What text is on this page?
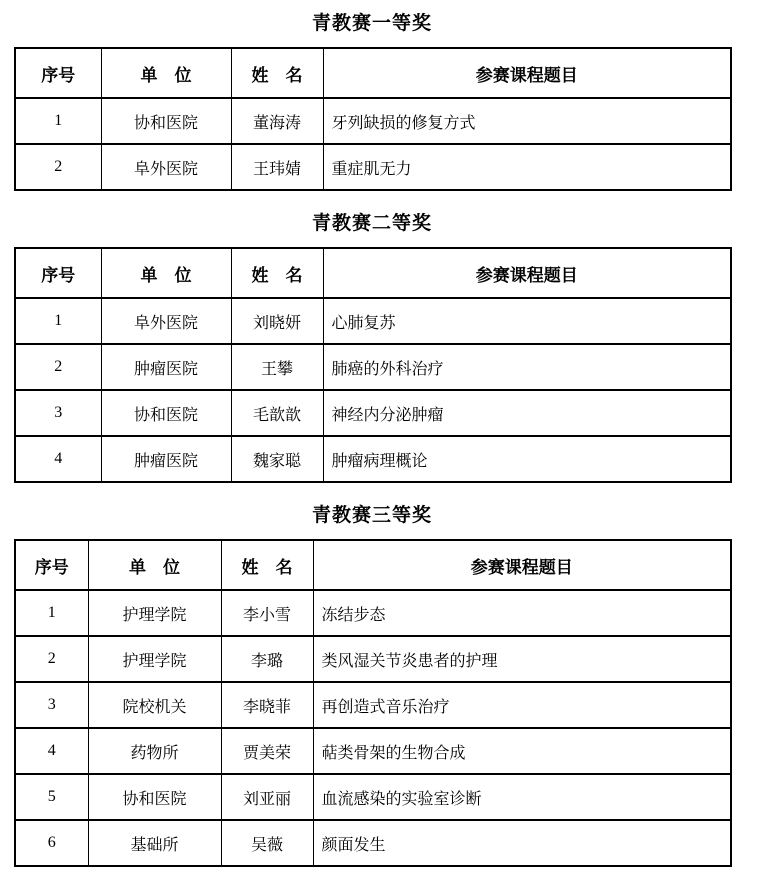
青教赛一等奖
序号	单　位	姓　名	参赛课程题目
1	协和医院	董海涛	牙列缺损的修复方式
2	阜外医院	王玮婧	重症肌无力
青教赛二等奖
序号	单　位	姓　名	参赛课程题目
1	阜外医院	刘晓妍	心肺复苏
2	肿瘤医院	王攀	肺癌的外科治疗
3	协和医院	毛歆歆	神经内分泌肿瘤
4	肿瘤医院	魏家聪	肿瘤病理概论
青教赛三等奖
序号	单　位	姓　名	参赛课程题目
1	护理学院	李小雪	冻结步态
2	护理学院	李璐	类风湿关节炎患者的护理
3	院校机关	李晓菲	再创造式音乐治疗
4	药物所	贾美荣	萜类骨架的生物合成
5	协和医院	刘亚丽	血流感染的实验室诊断
6	基础所	吴薇	颜面发生
